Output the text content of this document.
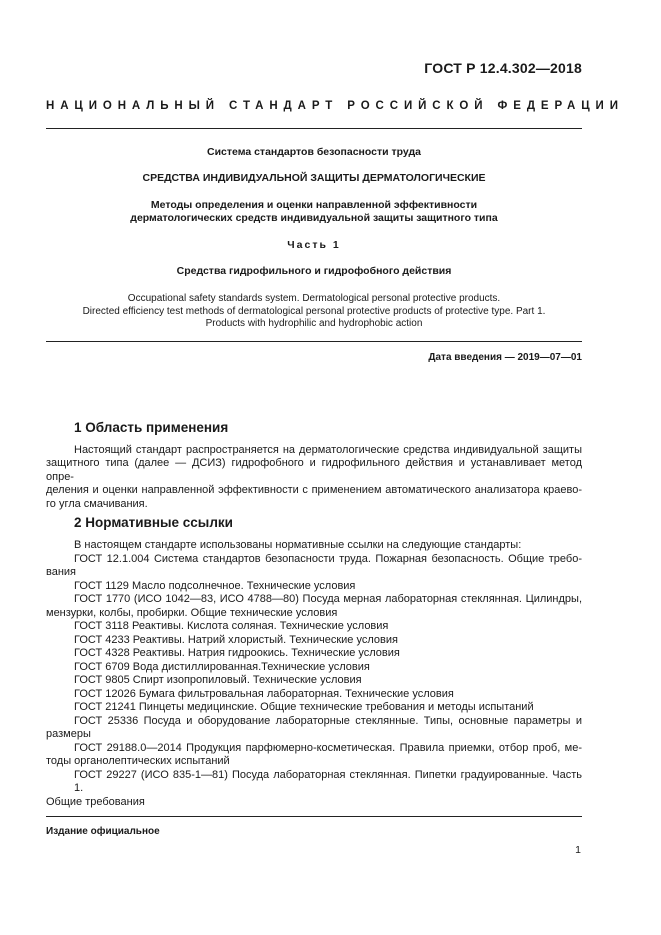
ГОСТ Р 12.4.302—2018
НАЦИОНАЛЬНЫЙ СТАНДАРТ РОССИЙСКОЙ ФЕДЕРАЦИИ
Система стандартов безопасности труда
СРЕДСТВА ИНДИВИДУАЛЬНОЙ ЗАЩИТЫ ДЕРМАТОЛОГИЧЕСКИЕ
Методы определения и оценки направленной эффективности
дерматологических средств индивидуальной защиты защитного типа
Часть 1
Средства гидрофильного и гидрофобного действия
Occupational safety standards system. Dermatological personal protective products.
Directed efficiency test methods of dermatological personal protective products of protective type. Part 1.
Products with hydrophilic and hydrophobic action
Дата введения — 2019—07—01
1 Область применения
Настоящий стандарт распространяется на дерматологические средства индивидуальной защиты
защитного типа (далее — ДСИЗ) гидрофобного и гидрофильного действия и устанавливает метод опре-
деления и оценки направленной эффективности с применением автоматического анализатора краево-
го угла смачивания.
2 Нормативные ссылки
В настоящем стандарте использованы нормативные ссылки на следующие стандарты:
ГОСТ 12.1.004 Система стандартов безопасности труда. Пожарная безопасность. Общие требо-
вания
ГОСТ 1129 Масло подсолнечное. Технические условия
ГОСТ 1770 (ИСО 1042—83, ИСО 4788—80) Посуда мерная лабораторная стеклянная. Цилиндры,
мензурки, колбы, пробирки. Общие технические условия
ГОСТ 3118 Реактивы. Кислота соляная. Технические условия
ГОСТ 4233 Реактивы. Натрий хлористый. Технические условия
ГОСТ 4328 Реактивы. Натрия гидроокись. Технические условия
ГОСТ 6709 Вода дистиллированная.Технические условия
ГОСТ 9805 Спирт изопропиловый. Технические условия
ГОСТ 12026 Бумага фильтровальная лабораторная. Технические условия
ГОСТ 21241 Пинцеты медицинские. Общие технические требования и методы испытаний
ГОСТ 25336 Посуда и оборудование лабораторные стеклянные. Типы, основные параметры и
размеры
ГОСТ 29188.0—2014 Продукция парфюмерно-косметическая. Правила приемки, отбор проб, ме-
тоды органолептических испытаний
ГОСТ 29227 (ИСО 835-1—81) Посуда лабораторная стеклянная. Пипетки градуированные. Часть 1.
Общие требования
Издание официальное
1
